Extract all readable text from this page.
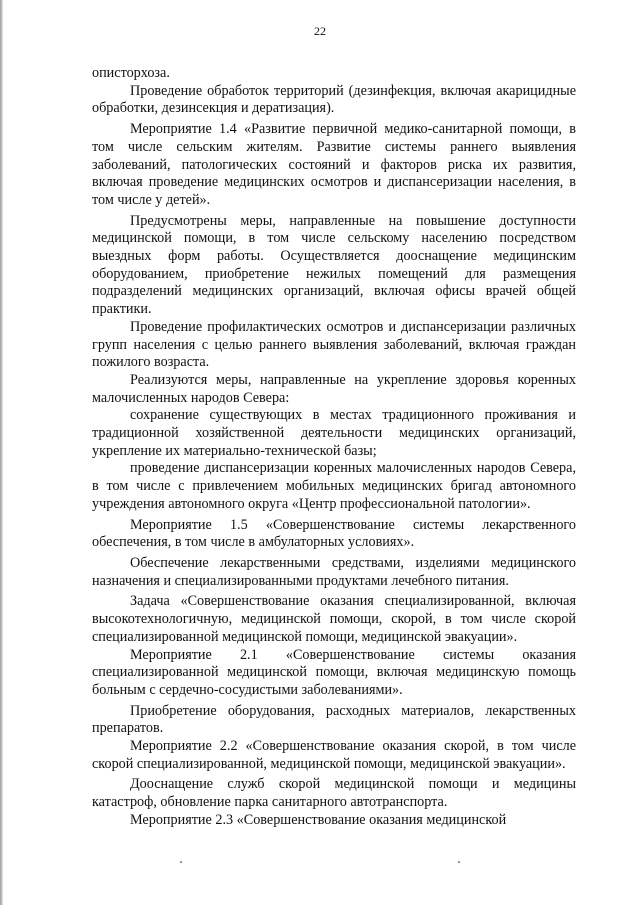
22

описторхоза.

Проведение обработок территорий (дезинфекция, включая акарицидные обработки, дезинсекция и дератизация).

Мероприятие 1.4 «Развитие первичной медико-санитарной помощи, в том числе сельским жителям. Развитие системы раннего выявления заболеваний, патологических состояний и факторов риска их развития, включая проведение медицинских осмотров и диспансеризации населения, в том числе у детей».

Предусмотрены меры, направленные на повышение доступности медицинской помощи, в том числе сельскому населению посредством выездных форм работы. Осуществляется дооснащение медицинским оборудованием, приобретение нежилых помещений для размещения подразделений медицинских организаций, включая офисы врачей общей практики.

Проведение профилактических осмотров и диспансеризации различных групп населения с целью раннего выявления заболеваний, включая граждан пожилого возраста.

Реализуются меры, направленные на укрепление здоровья коренных малочисленных народов Севера:

сохранение существующих в местах традиционного проживания и традиционной хозяйственной деятельности медицинских организаций, укрепление их материально-технической базы;

проведение диспансеризации коренных малочисленных народов Севера, в том числе с привлечением мобильных медицинских бригад автономного учреждения автономного округа «Центр профессиональной патологии».

Мероприятие 1.5 «Совершенствование системы лекарственного обеспечения, в том числе в амбулаторных условиях».

Обеспечение лекарственными средствами, изделиями медицинского назначения и специализированными продуктами лечебного питания.

Задача «Совершенствование оказания специализированной, включая высокотехнологичную, медицинской помощи, скорой, в том числе скорой специализированной медицинской помощи, медицинской эвакуации».

Мероприятие 2.1 «Совершенствование системы оказания специализированной медицинской помощи, включая медицинскую помощь больным с сердечно-сосудистыми заболеваниями».

Приобретение оборудования, расходных материалов, лекарственных препаратов.

Мероприятие 2.2 «Совершенствование оказания скорой, в том числе скорой специализированной, медицинской помощи, медицинской эвакуации».

Дооснащение служб скорой медицинской помощи и медицины катастроф, обновление парка санитарного автотранспорта.

Мероприятие 2.3 «Совершенствование оказания медицинской
